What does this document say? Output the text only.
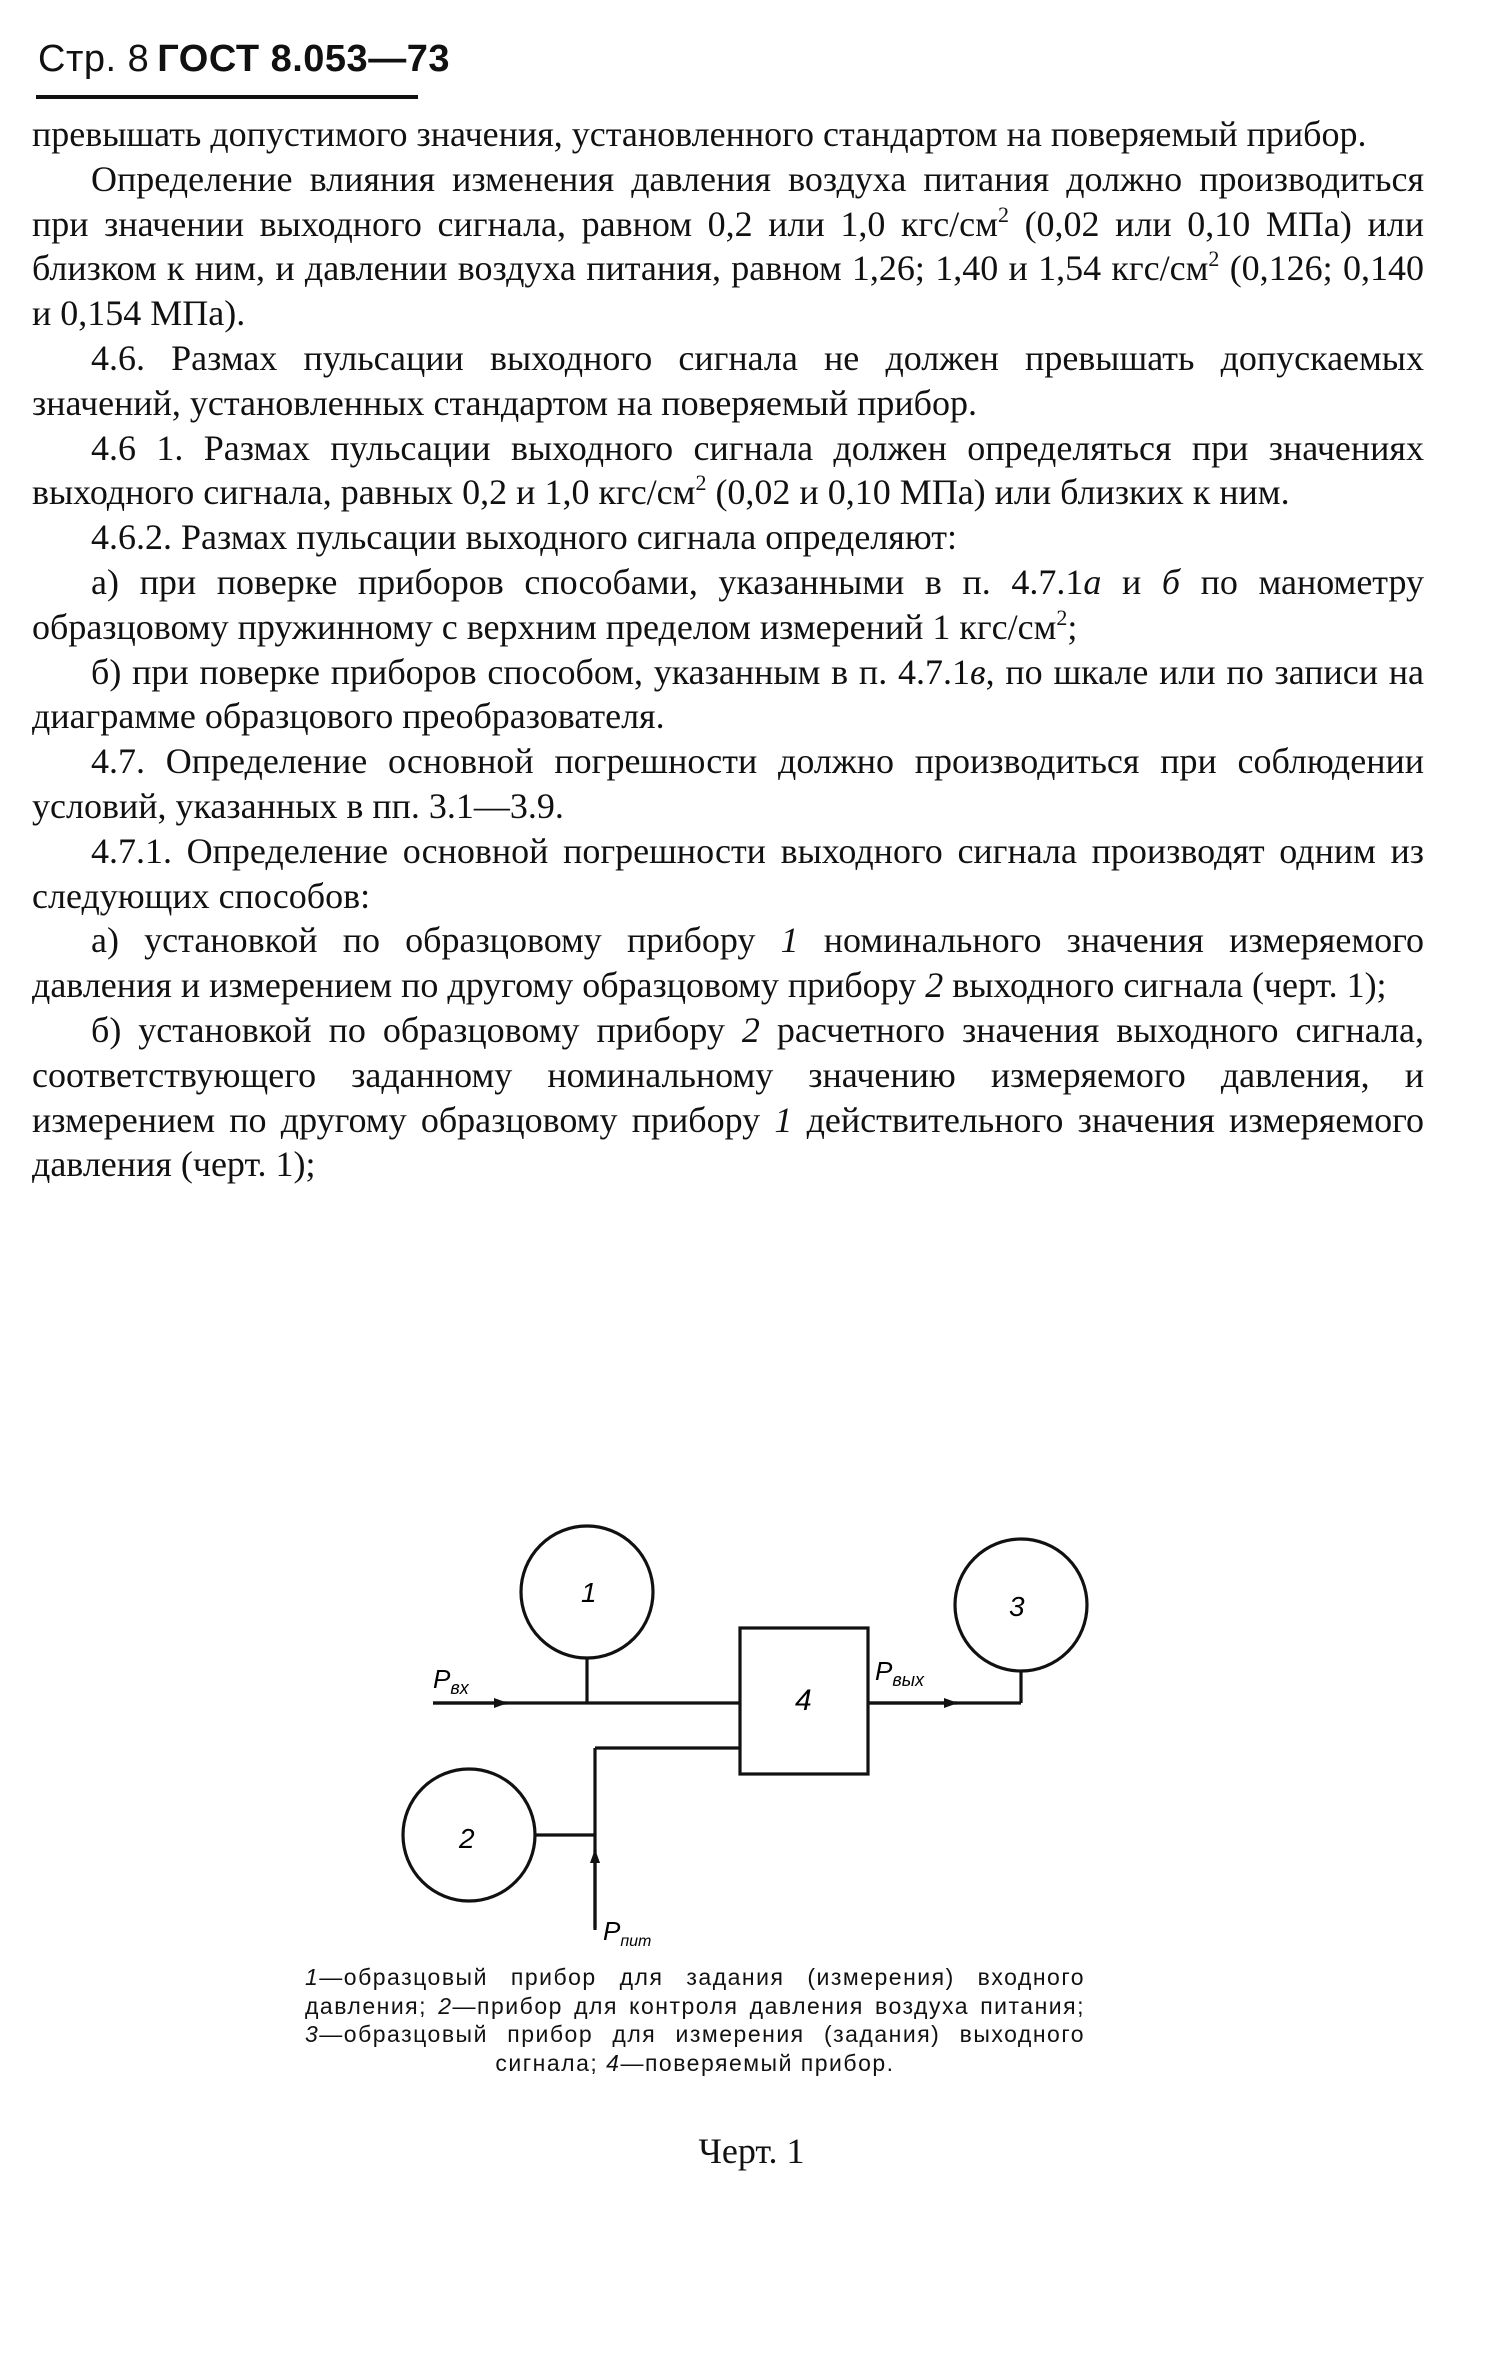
Стр. 8 ГОСТ 8.053—73

превышать допустимого значения, установленного стандартом на поверяемый прибор.

Определение влияния изменения давления воздуха питания должно производиться при значении выходного сигнала, равном 0,2 или 1,0 кгс/$см^2$ (0,02 или 0,10 МПа) или близком к ним, и давлении воздуха питания, равном 1,26; 1,40 и 1,54 кгс/$см^2$ (0,126; 0,140 и 0,154 МПа).

4.6. Размах пульсации выходного сигнала не должен превышать допускаемых значений, установленных стандартом на поверяемый прибор.

4.6 1. Размах пульсации выходного сигнала должен определяться при значениях выходного сигнала, равных 0,2 и 1,0 кгс/$см^2$ (0,02 и 0,10 МПа) или близких к ним.

4.6.2. Размах пульсации выходного сигнала определяют:

а) при поверке приборов способами, указанными в п. 4.7.1а и б по манометру образцовому пружинному с верхним пределом измерений 1 кгс/$см^2$;

б) при поверке приборов способом, указанным в п. 4.7.1в, по шкале или по записи на диаграмме образцового преобразователя.

4.7. Определение основной погрешности должно производиться при соблюдении условий, указанных в пп. 3.1—3.9.

4.7.1. Определение основной погрешности выходного сигнала производят одним из следующих способов:

а) установкой по образцовому прибору 1 номинального значения измеряемого давления и измерением по другому образцовому прибору 2 выходного сигнала (черт. 1);

б) установкой по образцовому прибору 2 расчетного значения выходного сигнала, соответствующего заданному номинальному значению измеряемого давления, и измерением по другому образцовому прибору 1 действительного значения измеряемого давления (черт. 1);

1	3
2
4
$P_{вх}$
$P_{вых}$
$P_{пит}$
1—образцовый прибор для задания (измерения) входного давления; 2—прибор для контроля давления воздуха питания; 3—образцовый прибор для измерения (задания) выходного сигнала; 4—поверяемый прибор.
Черт. 1
